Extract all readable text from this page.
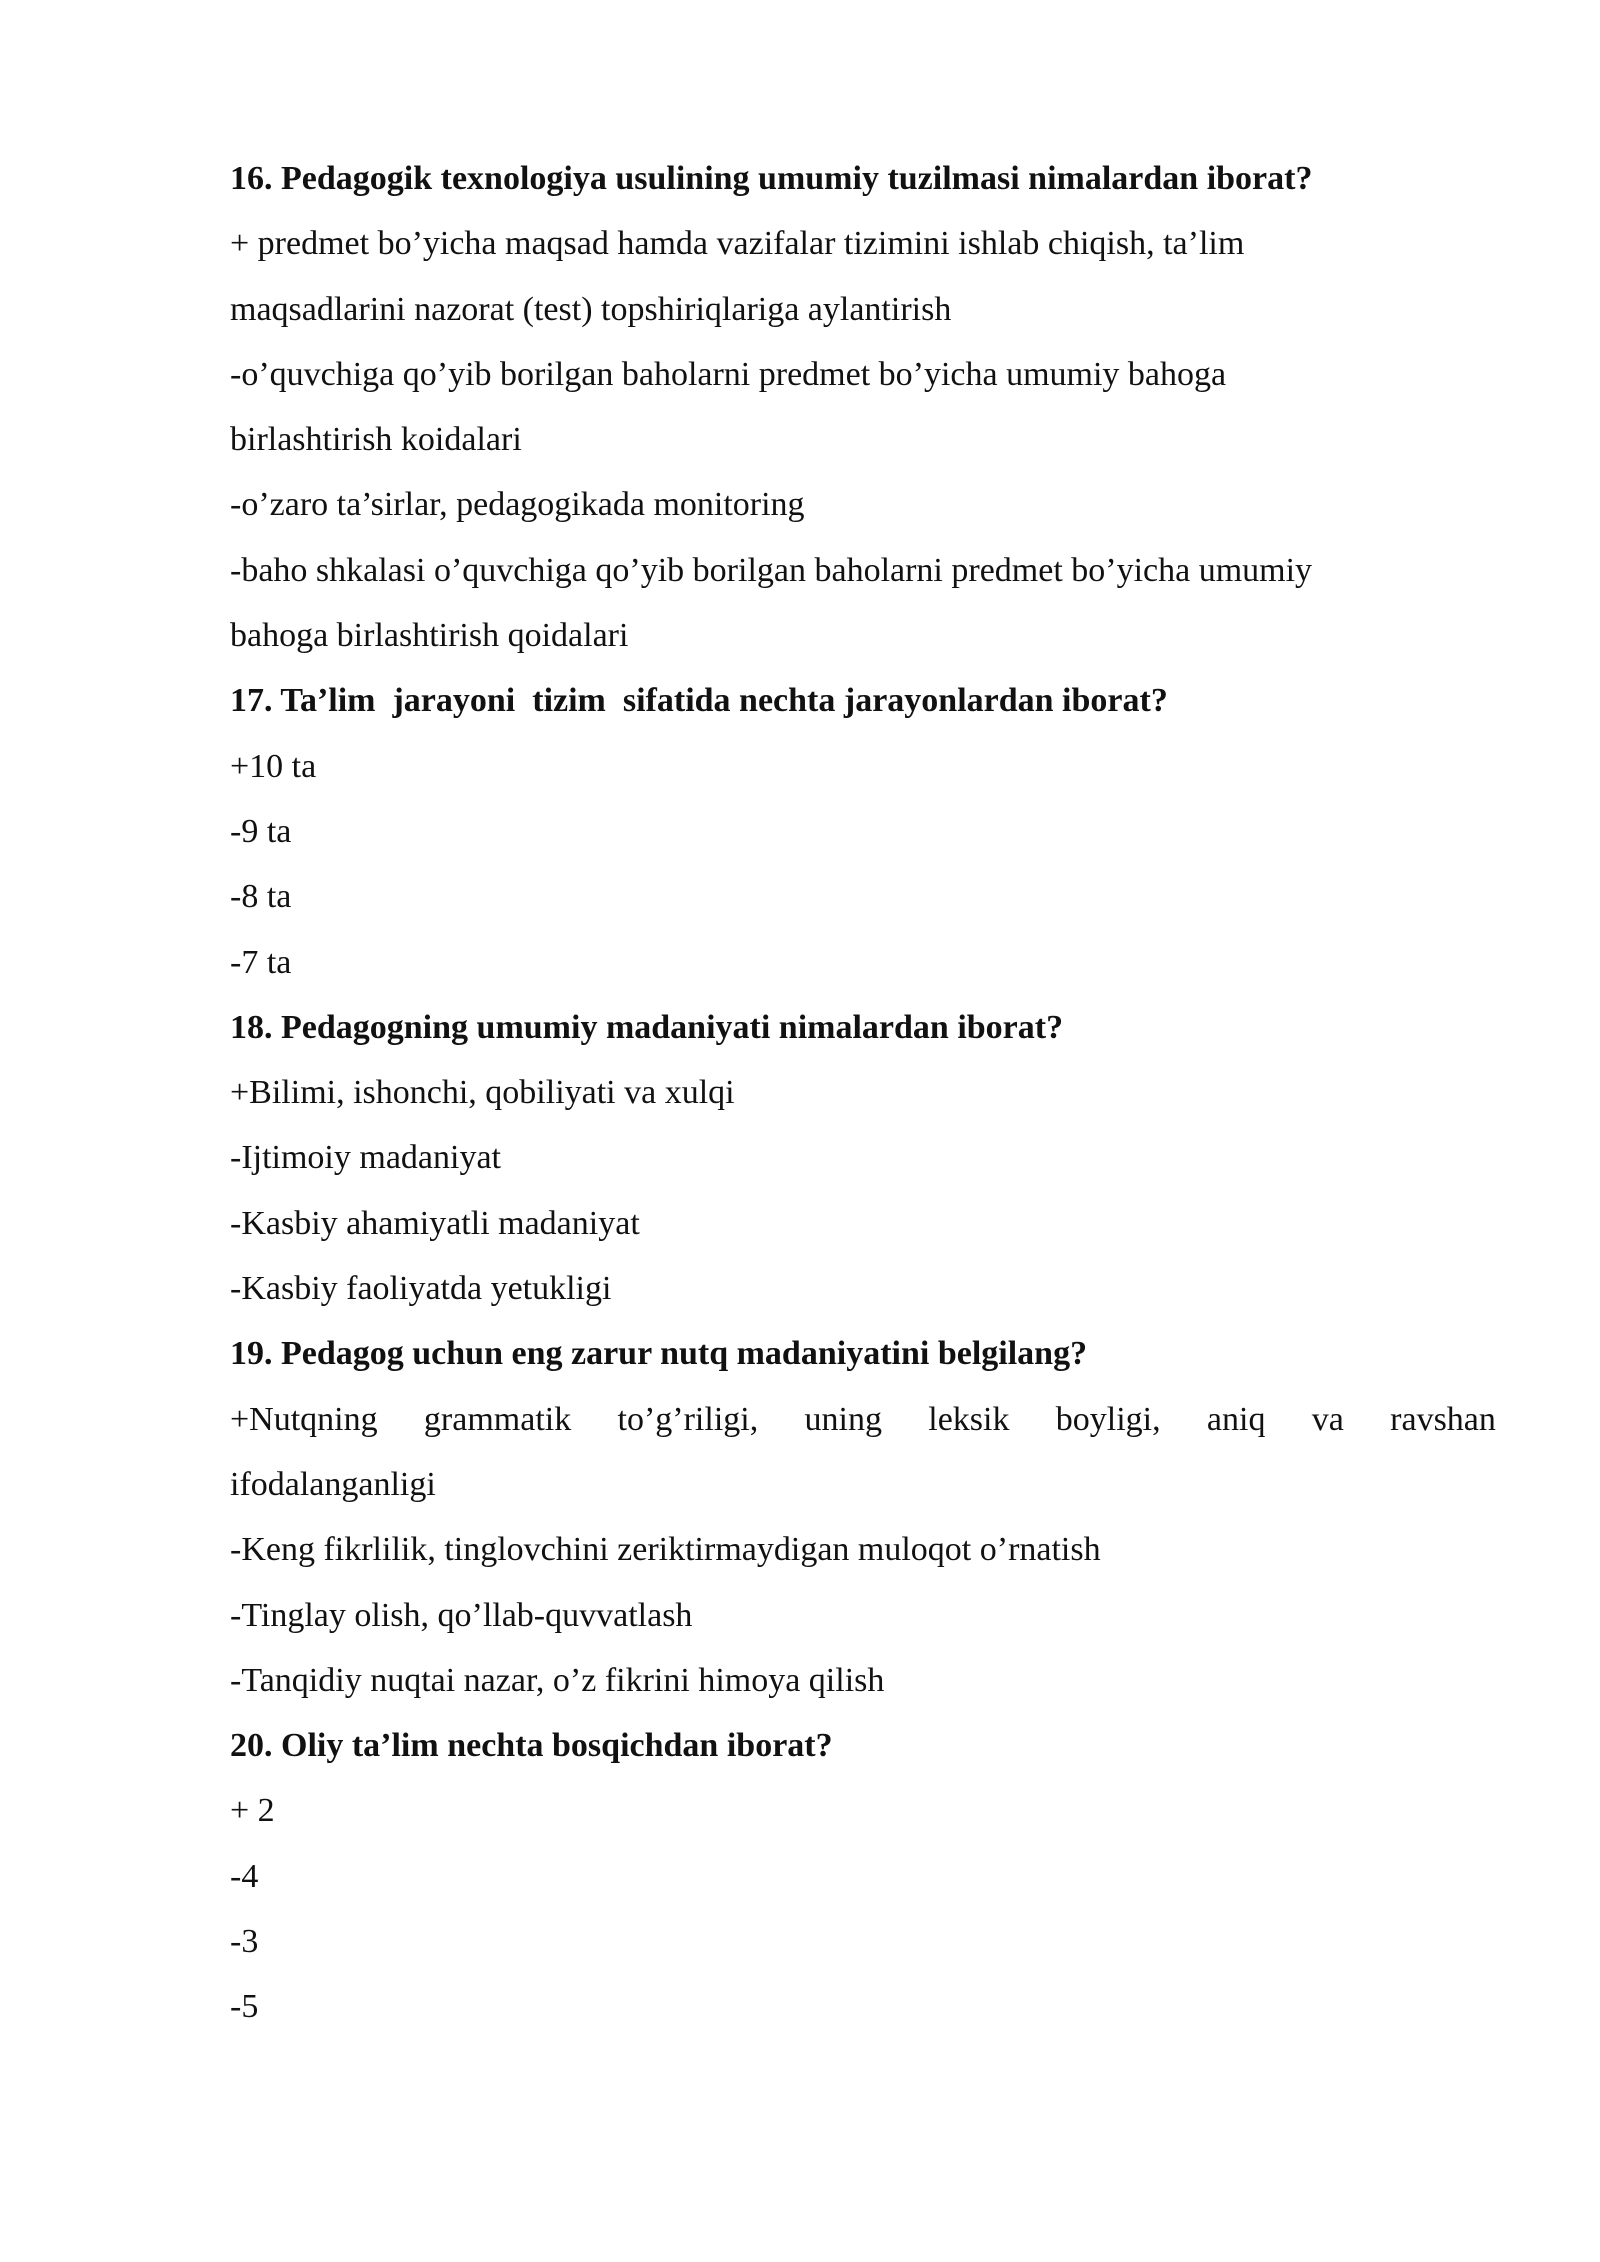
16. Pedagogik texnologiya usulining umumiy tuzilmasi nimalardan iborat?

+ predmet bo’yicha maqsad hamda vazifalar tizimini ishlab chiqish, ta’lim

maqsadlarini nazorat (test) topshiriqlariga aylantirish

-o’quvchiga qo’yib borilgan baholarni predmet bo’yicha umumiy bahoga

birlashtirish koidalari

-o’zaro ta’sirlar, pedagogikada monitoring

-baho shkalasi o’quvchiga qo’yib borilgan baholarni predmet bo’yicha umumiy

bahoga birlashtirish qoidalari

17. Ta’lim  jarayoni  tizim  sifatida nechta jarayonlardan iborat?

+10 ta

-9 ta

-8 ta

-7 ta

18. Pedagogning umumiy madaniyati nimalardan iborat?

+Bilimi, ishonchi, qobiliyati va xulqi

-Ijtimoiy madaniyat

-Kasbiy ahamiyatli madaniyat

-Kasbiy faoliyatda yetukligi

19. Pedagog uchun eng zarur nutq madaniyatini belgilang?

+Nutqning grammatik to’g’riligi, uning leksik boyligi, aniq va ravshan

ifodalanganligi

-Keng fikrlilik, tinglovchini zeriktirmaydigan muloqot o’rnatish

-Tinglay olish, qo’llab-quvvatlash

-Tanqidiy nuqtai nazar, o’z fikrini himoya qilish

20. Oliy ta’lim nechta bosqichdan iborat?

+ 2

-4

-3

-5
